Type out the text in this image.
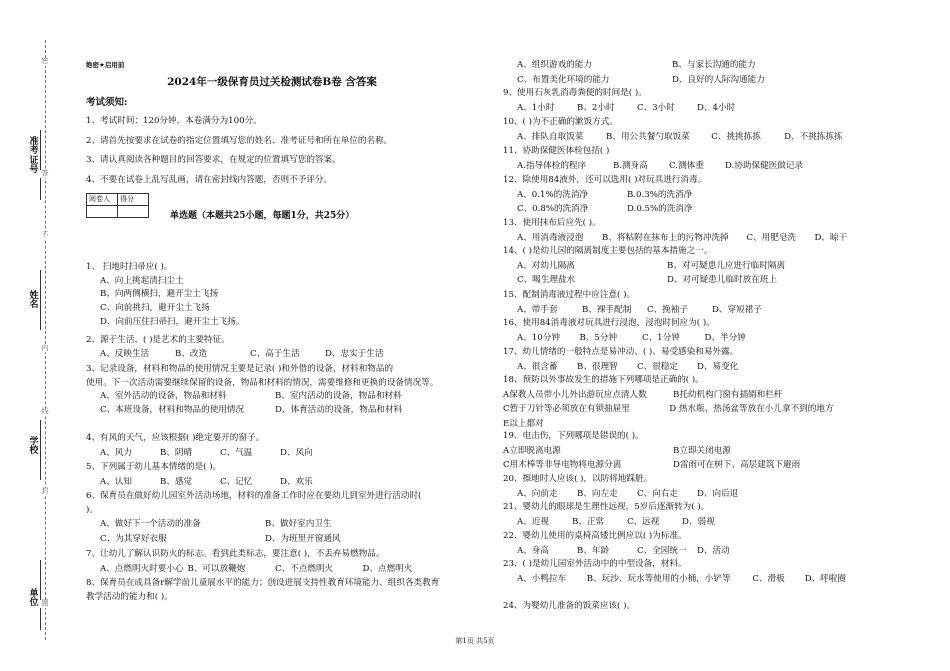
准考证号
姓名
学校
单位
密
不
内
线
封
题
答
绝密★启用前
2024年一级保育员过关检测试卷B卷 含答案
考试须知:
1、考试时间：120分钟，本卷满分为100分。
2、请首先按要求在试卷的指定位置填写您的姓名、准考证号和所在单位的名称。
3、请认真阅读各种题目的回答要求，在规定的位置填写您的答案。
4、不要在试卷上乱写乱画，请在密封线内答题，否则不予评分。
阅卷人	得分

单选题（本题共25小题，每题1分，共25分）
1、 扫地时扫帚应( )。
A、向上挑起清扫尘土
B、向两侧横扫，避开尘土飞扬
C、向前挑扫，避开尘土飞扬
D、向前压住扫帚扫，避开尘土飞扬。
2、源于生活、( )是艺术的主要特征。
A、反映生活	B、改造	C、高于生活	D、忠实于生活
3、记录设备，材料和物品的使用情况主要是记录( )和外借的设备，材料和物品的
使用。下一次活动需要继续保留的设备，物品和材料的情况，需要维修和更换的设备情况等。
A、室外活动的设备，物品和材料	B、室内活动的设备，物品和材料
C、本班设备，材料和物品的使用情况	D、体育活动的设备，物品和材料
4、有风的天气，应该根据( )绝定要开的窗子。
A、风力	B、阴晴	C、气温	D、风向
5、下列属于幼儿基本情绪的是( )。
A、认知	B、感觉	C、记忆	D、欢乐
6、保育员在做好幼儿园室外活动场地，材料的准备工作时应在要幼儿到室外进行活动时(
)。
A、做好下一个活动的准备	B、做好室内卫生
C、为其穿好衣服	D、为班里开窗通风
7、让幼儿了解认识防火的标志。看到此类标志，要注意( )，不丢弃易燃物品。
A、点燃明火时要小心 B、可以放鞭炮	C、不点燃明火	D、点燃明火
8、保育员在成具备r解学前儿童展水平的能力；创设进展支持性教育环境能力、组织各类教育
教学活动的能力和( )。
A、组织游戏的能力	B、与家长沟通的能力
C、布置美化环境的能力	D、良好的人际沟通能力
9、使用石灰乳消毒粪便的时间是( )。
A、1小时	B、2小时	C、3小时	D、4小时
10、( )为不正确的漱饭方式。
A、排队自取饭菜	B、用公共餐勺取饭菜	C、挑挑拣拣	D、不挑拣拣拣
11、协助保健医体检包括( )
A.指导体检的程序	B.测身高	C.测体重	D.协助保健医做记录
12、除使用84液外，还可以选用( )对玩具进行消毒。
A、0.1%的洗消净	B.0.3%的洗消净
C、0.8%的洗消净	D.0.5%的洗消净
13、使用抹布后应先( )。
A、用消毒液浸泡	B、将粘附在抹布上的污物冲洗掉	C、用肥皂洗	D、晾干
14、( )是幼儿园的隔离制度主要包括的基本措施之一。
A、对幼儿隔离	B、对可疑患儿应进行临时隔离
C、喝生理盐水	D、对可疑患儿临时放在班上
15、配制消毒液过程中应注意( )。
A、带手套	B、裸手配制	C、挽袖子	D、穿短裙子
16、使用84消毒液对玩具进行浸泡，浸泡时间应为( )。
A、10分钟	B、5分钟	C、1分钟	D、半分钟
17、幼儿情绪的一般特点是易冲动、( )、易受感染和易外露。
A、很含蓄	B、很理智	C、很稳定	D、易变化
18、预防以外事故发生的措施下列哪项是正确的( )。
A保教人员带小儿外出游玩应点清人数	B托幼机构门窗有插销和栏杆
C暂于刀针等必须放在有锁抽屉里	D 热水瓶、热汤盆等放在小儿拿不到的地方
E以上都对
19、电击伤，下列哪项是错误的( )。
A立即脱离电源	B立即关闭电源
C用木棒等非导电物将电源分离	D雷雨可在树下、高层建筑下避雨
20、擦地时人应该( )，以防将地踩脏。
A、向前走	B、向左走	C、向右走	D、向后退
21、婴幼儿的眼球是生理性远视，5岁后逐渐转为( )。
A、近视	B、正常	C、远视	D、弱视
22、婴幼儿使用的桌椅高矮比例应以( )为标准。
A、身高	B、年龄	C、全园统一	D、活动
23、( )是幼儿园室外活动中的中型设备，材料。
A、小鸭拉车	B、玩沙、玩水等使用的小桶，小铲等	C、滑板	D、呼啦圈
24、为婴幼儿准备的饭菜应该( )。
第1页 共5页
